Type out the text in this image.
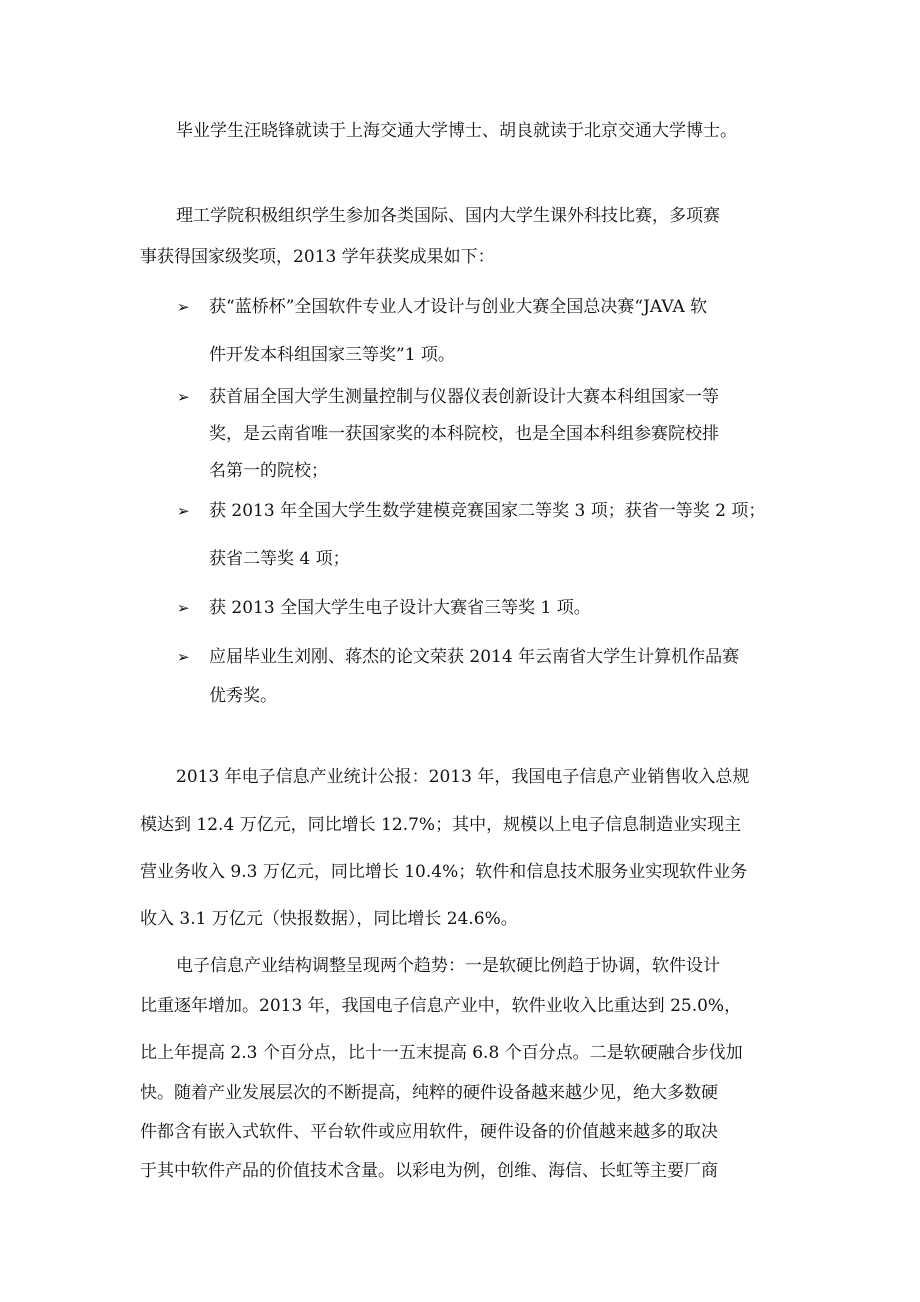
毕业学生汪晓锋就读于上海交通大学博士、胡良就读于北京交通大学博士。
理工学院积极组织学生参加各类国际、国内大学生课外科技比赛，多项赛
事获得国家级奖项，2013 学年获奖成果如下：
➢ 获“蓝桥杯”全国软件专业人才设计与创业大赛全国总决赛“JAVA 软
件开发本科组国家三等奖”1 项。
➢ 获首届全国大学生测量控制与仪器仪表创新设计大赛本科组国家一等
奖，是云南省唯一获国家奖的本科院校，也是全国本科组参赛院校排
名第一的院校；
➢ 获 2013 年全国大学生数学建模竞赛国家二等奖 3 项；获省一等奖 2 项；
获省二等奖 4 项；
➢ 获 2013 全国大学生电子设计大赛省三等奖 1 项。
➢ 应届毕业生刘刚、蒋杰的论文荣获 2014 年云南省大学生计算机作品赛
优秀奖。
2013 年电子信息产业统计公报：2013 年，我国电子信息产业销售收入总规
模达到 12.4 万亿元，同比增长 12.7%；其中，规模以上电子信息制造业实现主
营业务收入 9.3 万亿元，同比增长 10.4%；软件和信息技术服务业实现软件业务
收入 3.1 万亿元（快报数据），同比增长 24.6%。
电子信息产业结构调整呈现两个趋势：一是软硬比例趋于协调，软件设计
比重逐年增加。2013 年，我国电子信息产业中，软件业收入比重达到 25.0%，
比上年提高 2.3 个百分点，比十一五末提高 6.8 个百分点。二是软硬融合步伐加
快。随着产业发展层次的不断提高，纯粹的硬件设备越来越少见，绝大多数硬
件都含有嵌入式软件、平台软件或应用软件，硬件设备的价值越来越多的取决
于其中软件产品的价值技术含量。以彩电为例，创维、海信、长虹等主要厂商
